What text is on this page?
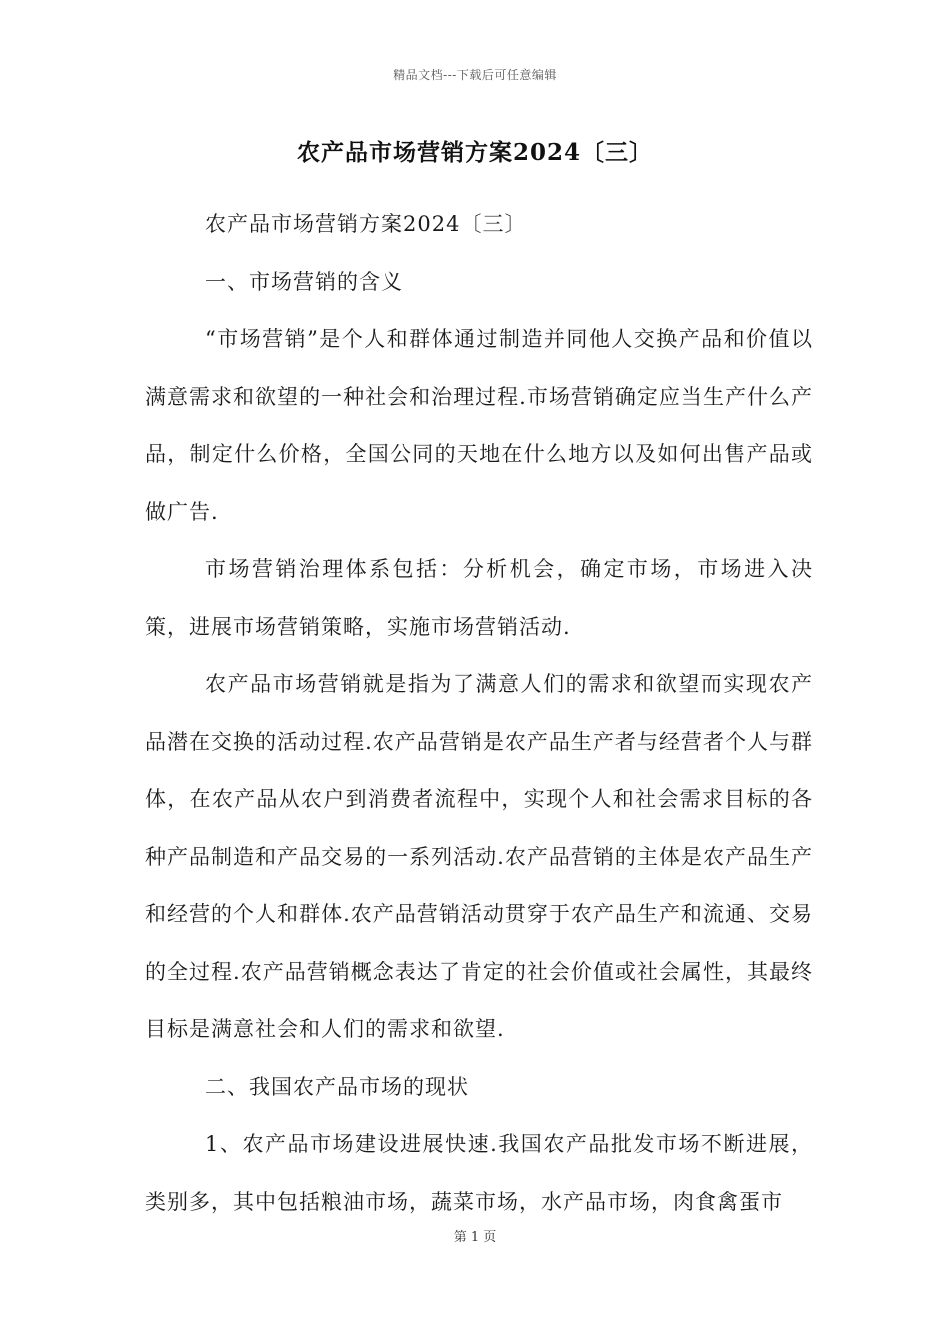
精品文档---下载后可任意编辑
农产品市场营销方案2024〔三〕

农产品市场营销方案2024〔三〕

一、市场营销的含义

“市场营销”是个人和群体通过制造并同他人交换产品和价值以满意需求和欲望的一种社会和治理过程.市场营销确定应当生产什么产品，制定什么价格，全国公同的天地在什么地方以及如何出售产品或做广告.

市场营销治理体系包括：分析机会，确定市场，市场进入决策，进展市场营销策略，实施市场营销活动.

农产品市场营销就是指为了满意人们的需求和欲望而实现农产品潜在交换的活动过程.农产品营销是农产品生产者与经营者个人与群体，在农产品从农户到消费者流程中，实现个人和社会需求目标的各种产品制造和产品交易的一系列活动.农产品营销的主体是农产品生产和经营的个人和群体.农产品营销活动贯穿于农产品生产和流通、交易的全过程.农产品营销概念表达了肯定的社会价值或社会属性，其最终目标是满意社会和人们的需求和欲望.

二、我国农产品市场的现状

1、农产品市场建设进展快速.我国农产品批发市场不断进展，类别多，其中包括粮油市场，蔬菜市场，水产品市场，肉食禽蛋市

第 1 页
